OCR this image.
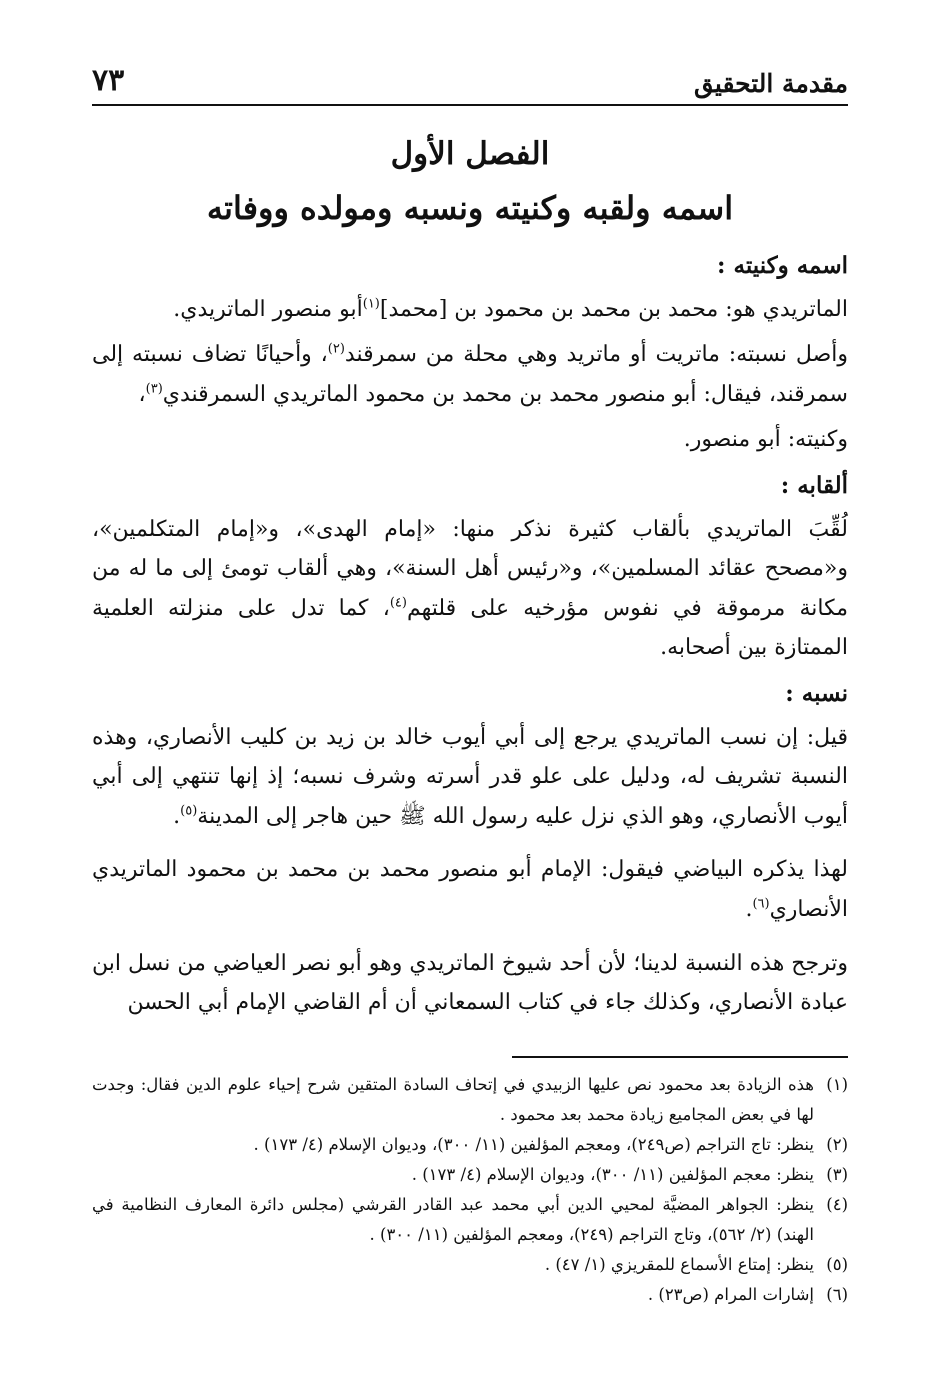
مقدمة التحقيق
٧٣
الفصل الأول
اسمه ولقبه وكنيته ونسبه ومولده ووفاته
اسمه وكنيته :

الماتريدي هو: محمد بن محمد بن محمود بن [محمد]$^{(١)}$أبو منصور الماتريدي.

وأصل نسبته: ماتريت أو ماتريد وهي محلة من سمرقند$^{(٢)}$، وأحيانًا تضاف نسبته إلى سمرقند، فيقال: أبو منصور محمد بن محمد بن محمود الماتريدي السمرقندي$^{(٣)}$،

وكنيته: أبو منصور.

ألقابه :

لُقِّبَ الماتريدي بألقاب كثيرة نذكر منها: «إمام الهدى»، و«إمام المتكلمين»، و«مصحح عقائد المسلمين»، و«رئيس أهل السنة»، وهي ألقاب تومئ إلى ما له من مكانة مرموقة في نفوس مؤرخيه على قلتهم$^{(٤)}$، كما تدل على منزلته العلمية الممتازة بين أصحابه.

نسبه :

قيل: إن نسب الماتريدي يرجع إلى أبي أيوب خالد بن زيد بن كليب الأنصاري، وهذه النسبة تشريف له، ودليل على علو قدر أسرته وشرف نسبه؛ إذ إنها تنتهي إلى أبي أيوب الأنصاري، وهو الذي نزل عليه رسول الله ﷺ حين هاجر إلى المدينة$^{(٥)}$.

لهذا يذكره البياضي فيقول: الإمام أبو منصور محمد بن محمد بن محمود الماتريدي الأنصاري$^{(٦)}$.

وترجح هذه النسبة لدينا؛ لأن أحد شيوخ الماتريدي وهو أبو نصر العياضي من نسل ابن عبادة الأنصاري، وكذلك جاء في كتاب السمعاني أن أم القاضي الإمام أبي الحسن

(١)
هذه الزيادة بعد محمود نص عليها الزبيدي في إتحاف السادة المتقين شرح إحياء علوم الدين فقال: وجدت لها في بعض المجاميع زيادة محمد بعد محمود .
(٢)
ينظر: تاج التراجم (ص٢٤٩)، ومعجم المؤلفين (١١/ ٣٠٠)، وديوان الإسلام (٤/ ١٧٣) .
(٣)
ينظر: معجم المؤلفين (١١/ ٣٠٠)، وديوان الإسلام (٤/ ١٧٣) .
(٤)
ينظر: الجواهر المضيَّة لمحيي الدين أبي محمد عبد القادر القرشي (مجلس دائرة المعارف النظامية في الهند) (٢/ ٥٦٢)، وتاج التراجم (٢٤٩)، ومعجم المؤلفين (١١/ ٣٠٠) .
(٥)
ينظر: إمتاع الأسماع للمقريزي (١/ ٤٧) .
(٦)
إشارات المرام (ص٢٣) .
